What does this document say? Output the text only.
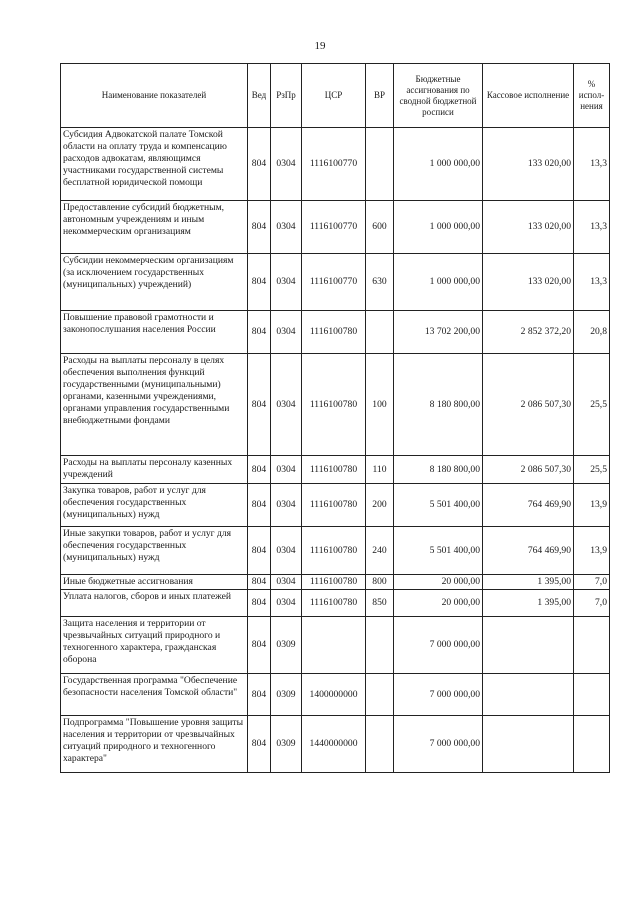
19
Наименование показателей	Вед	РзПр	ЦСР	ВР	Бюджетные ассигнования по сводной бюджетной росписи	Кассовое исполнение	% испол-нения
Субсидия Адвокатской палате Томской области на оплату труда и компенсацию расходов адвокатам, являющимся участниками государственной системы бесплатной юридической помощи	804	0304	1116100770		1 000 000,00	133 020,00	13,3
Предоставление субсидий бюджетным, автономным учреждениям и иным некоммерческим организациям	804	0304	1116100770	600	1 000 000,00	133 020,00	13,3
Субсидии некоммерческим организациям (за исключением государственных (муниципальных) учреждений)	804	0304	1116100770	630	1 000 000,00	133 020,00	13,3
Повышение правовой грамотности и законопослушания населения России	804	0304	1116100780		13 702 200,00	2 852 372,20	20,8
Расходы на выплаты персоналу в целях обеспечения выполнения функций государственными (муниципальными) органами, казенными учреждениями, органами управления государственными внебюджетными фондами	804	0304	1116100780	100	8 180 800,00	2 086 507,30	25,5
Расходы на выплаты персоналу казенных учреждений	804	0304	1116100780	110	8 180 800,00	2 086 507,30	25,5
Закупка товаров, работ и услуг для обеспечения государственных (муниципальных) нужд	804	0304	1116100780	200	5 501 400,00	764 469,90	13,9
Иные закупки товаров, работ и услуг для обеспечения государственных (муниципальных) нужд	804	0304	1116100780	240	5 501 400,00	764 469,90	13,9
Иные бюджетные ассигнования	804	0304	1116100780	800	20 000,00	1 395,00	7,0
Уплата налогов, сборов и иных платежей	804	0304	1116100780	850	20 000,00	1 395,00	7,0
Защита населения и территории от чрезвычайных ситуаций природного и техногенного характера, гражданская оборона	804	0309			7 000 000,00		
Государственная программа "Обеспечение безопасности населения Томской области"	804	0309	1400000000		7 000 000,00		
Подпрограмма "Повышение уровня защиты населения и территории от чрезвычайных ситуаций природного и техногенного характера"	804	0309	1440000000		7 000 000,00		
